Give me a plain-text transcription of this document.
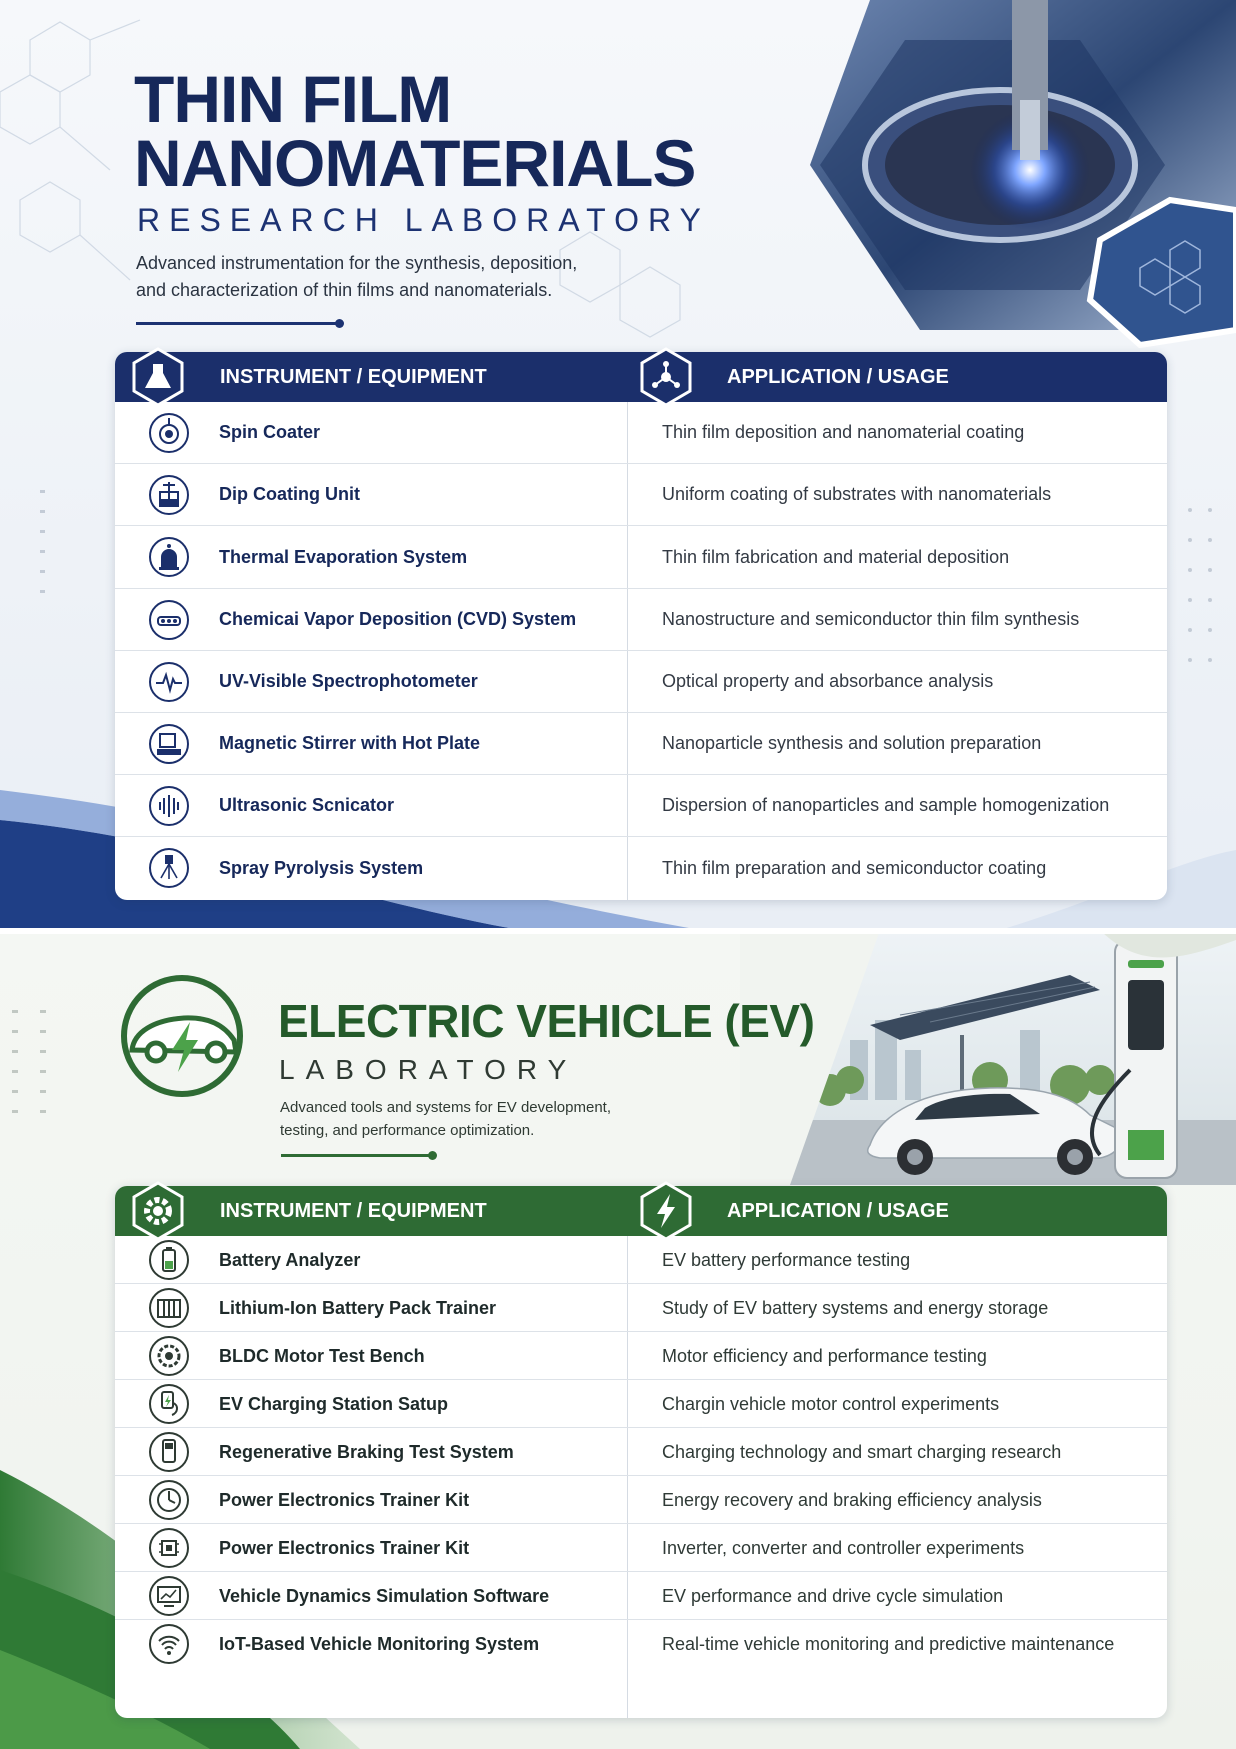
THIN FILM
NANOMATERIALS
RESEARCH LABORATORY
Advanced instrumentation for the synthesis, deposition,
and characterization of thin films and nanomaterials.
INSTRUMENT / EQUIPMENT	APPLICATION / USAGE
Spin Coater	Thin film deposition and nanomaterial coating
Dip Coating Unit	Uniform coating of substrates with nanomaterials
Thermal Evaporation System	Thin film fabrication and material deposition
Chemicai Vapor Deposition (CVD) System	Nanostructure and semiconductor thin film synthesis
UV-Visible Spectrophotometer	Optical property and absorbance analysis
Magnetic Stirrer with Hot Plate	Nanoparticle synthesis and solution preparation
Ultrasonic Scnicator	Dispersion of nanoparticles and sample homogenization
Spray Pyrolysis System	Thin film preparation and semiconductor coating
ELECTRIC VEHICLE (EV)
LABORATORY
Advanced tools and systems for EV development,
testing, and performance optimization.
INSTRUMENT / EQUIPMENT	APPLICATION / USAGE
Battery Analyzer	EV battery performance testing
Lithium-Ion Battery Pack Trainer	Study of EV battery systems and energy storage
BLDC Motor Test Bench	Motor efficiency and performance testing
EV Charging Station Satup	Chargin vehicle motor control experiments
Regenerative Braking Test System	Charging technology and smart charging research
Power Electronics Trainer Kit	Energy recovery and braking efficiency analysis
Power Electronics Trainer Kit	Inverter, converter and controller experiments
Vehicle Dynamics Simulation Software	EV performance and drive cycle simulation
IoT-Based Vehicle Monitoring System	Real-time vehicle monitoring and predictive maintenance
